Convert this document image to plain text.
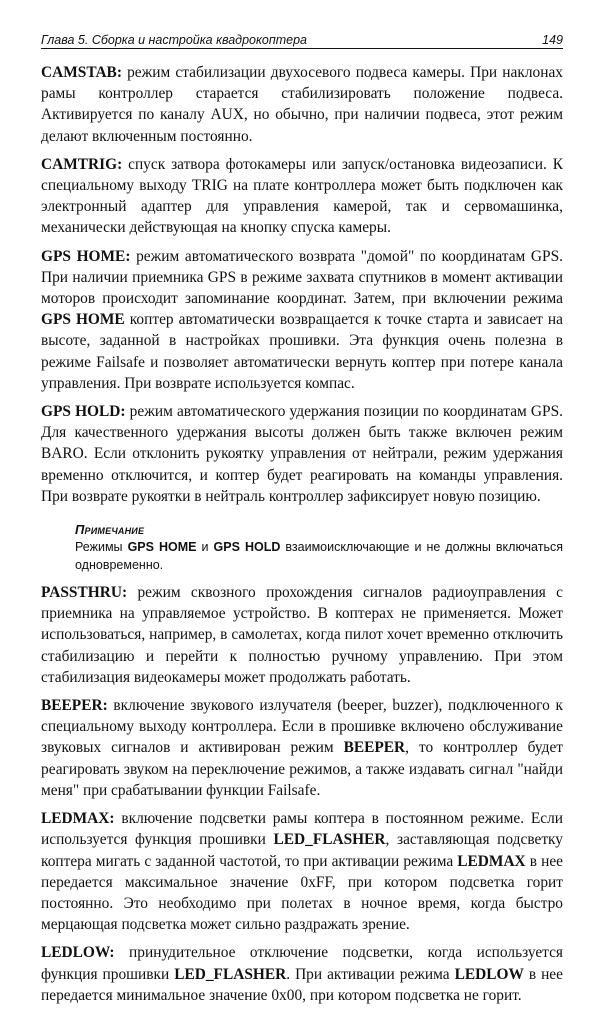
Глава 5. Сборка и настройка квадрокоптера	149

CAMSTAB: режим стабилизации двухосевого подвеса камеры. При наклонах рамы контроллер старается стабилизировать положение подвеса. Активируется по каналу AUX, но обычно, при наличии подвеса, этот режим делают включенным постоянно.

CAMTRIG: спуск затвора фотокамеры или запуск/остановка видеозаписи. К специальному выходу TRIG на плате контроллера может быть подключен как электронный адаптер для управления камерой, так и сервомашинка, механически действующая на кнопку спуска камеры.

GPS HOME: режим автоматического возврата "домой" по координатам GPS. При наличии приемника GPS в режиме захвата спутников в момент активации моторов происходит запоминание координат. Затем, при включении режима GPS HOME коптер автоматически возвращается к точке старта и зависает на высоте, заданной в настройках прошивки. Эта функция очень полезна в режиме Failsafe и позволяет автоматически вернуть коптер при потере канала управления. При возврате используется компас.

GPS HOLD: режим автоматического удержания позиции по координатам GPS. Для качественного удержания высоты должен быть также включен режим BARO. Если отклонить рукоятку управления от нейтрали, режим удержания временно отключится, и коптер будет реагировать на команды управления. При возврате рукоятки в нейтраль контроллер зафиксирует новую позицию.

Примечание
Режимы GPS HOME и GPS HOLD взаимоисключающие и не должны включаться одновременно.

PASSTHRU: режим сквозного прохождения сигналов радиоуправления с приемника на управляемое устройство. В коптерах не применяется. Может использоваться, например, в самолетах, когда пилот хочет временно отключить стабилизацию и перейти к полностью ручному управлению. При этом стабилизация видеокамеры может продолжать работать.

BEEPER: включение звукового излучателя (beeper, buzzer), подключенного к специальному выходу контроллера. Если в прошивке включено обслуживание звуковых сигналов и активирован режим BEEPER, то контроллер будет реагировать звуком на переключение режимов, а также издавать сигнал "найди меня" при срабатывании функции Failsafe.

LEDMAX: включение подсветки рамы коптера в постоянном режиме. Если используется функция прошивки LED_FLASHER, заставляющая подсветку коптера мигать с заданной частотой, то при активации режима LEDMAX в нее передается максимальное значение 0xFF, при котором подсветка горит постоянно. Это необходимо при полетах в ночное время, когда быстро мерцающая подсветка может сильно раздражать зрение.

LEDLOW: принудительное отключение подсветки, когда используется функция прошивки LED_FLASHER. При активации режима LEDLOW в нее передается минимальное значение 0x00, при котором подсветка не горит.
